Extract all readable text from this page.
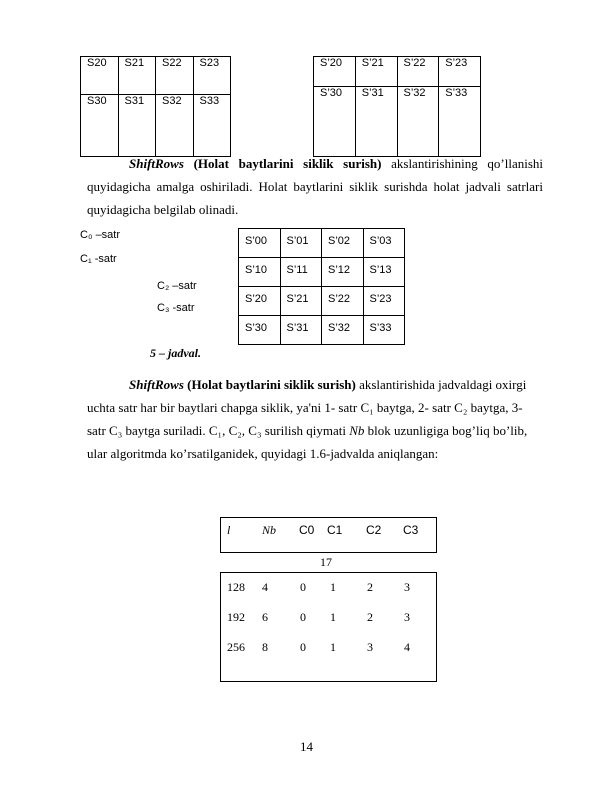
S20	S21	S22	S23
S30	S31	S32	S33
S’20	S’21	S’22	S’23
S’30	S’31	S’32	S’33
ShiftRows (Holat baytlarini siklik surish) akslantirishining qo’llanishi quyidagicha amalga oshiriladi. Holat baytlarini siklik surishda holat jadvali satrlari quyidagicha belgilab olinadi.
C₀ –satr
C₁ -satr
C₂ –satr
C₃ -satr
S’00	S’01	S’02	S’03
S’10	S’11	S’12	S’13
S’20	S’21	S’22	S’23
S’30	S’31	S’32	S’33
5 – jadval.
ShiftRows (Holat baytlarini siklik surish) akslantirishida jadvaldagi oxirgi
uchta satr har bir baytlari chapga siklik, ya'ni 1- satr C₁ baytga, 2- satr C₂ baytga, 3-
satr C₃ baytga suriladi. C₁, C₂, C₃ surilish qiymati Nb blok uzunligiga bog’liq bo’lib,
ular algoritmda ko’rsatilganidek, quyidagi 1.6-jadvalda aniqlangan:
l	Nb C0 C1 C2 C3
17
128 4	0 1	2	3
192 6	0 1	2	3
256 8	0 1	3	4
14
